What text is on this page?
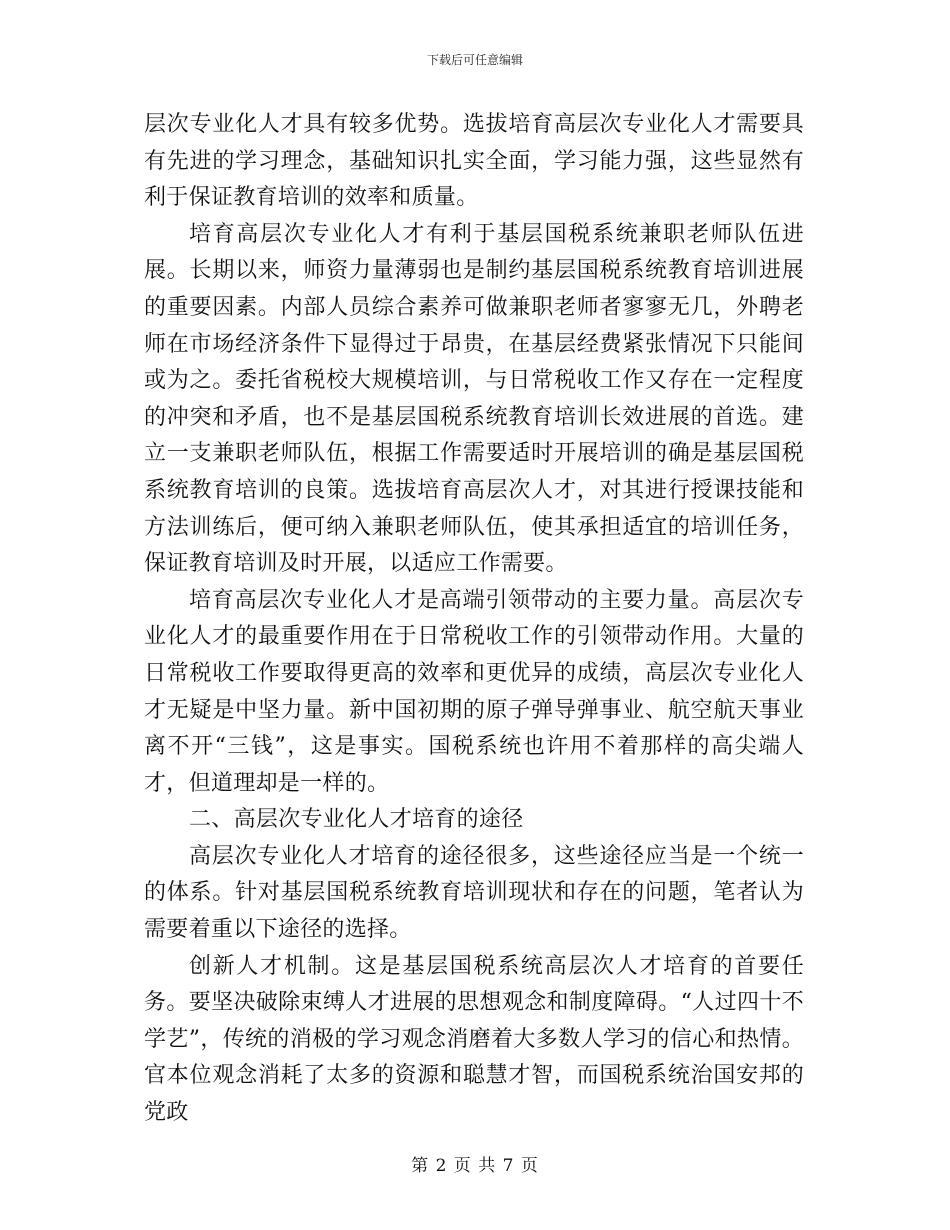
下载后可任意编辑

层次专业化人才具有较多优势。选拔培育高层次专业化人才需要具有先进的学习理念，基础知识扎实全面，学习能力强，这些显然有利于保证教育培训的效率和质量。

培育高层次专业化人才有利于基层国税系统兼职老师队伍进展。长期以来，师资力量薄弱也是制约基层国税系统教育培训进展的重要因素。内部人员综合素养可做兼职老师者寥寥无几，外聘老师在市场经济条件下显得过于昂贵，在基层经费紧张情况下只能间或为之。委托省税校大规模培训，与日常税收工作又存在一定程度的冲突和矛盾，也不是基层国税系统教育培训长效进展的首选。建立一支兼职老师队伍，根据工作需要适时开展培训的确是基层国税系统教育培训的良策。选拔培育高层次人才，对其进行授课技能和方法训练后，便可纳入兼职老师队伍，使其承担适宜的培训任务，保证教育培训及时开展，以适应工作需要。

培育高层次专业化人才是高端引领带动的主要力量。高层次专业化人才的最重要作用在于日常税收工作的引领带动作用。大量的日常税收工作要取得更高的效率和更优异的成绩，高层次专业化人才无疑是中坚力量。新中国初期的原子弹导弹事业、航空航天事业离不开“三钱”，这是事实。国税系统也许用不着那样的高尖端人才，但道理却是一样的。

二、高层次专业化人才培育的途径

高层次专业化人才培育的途径很多，这些途径应当是一个统一的体系。针对基层国税系统教育培训现状和存在的问题，笔者认为需要着重以下途径的选择。

创新人才机制。这是基层国税系统高层次人才培育的首要任务。要坚决破除束缚人才进展的思想观念和制度障碍。“人过四十不学艺”，传统的消极的学习观念消磨着大多数人学习的信心和热情。官本位观念消耗了太多的资源和聪慧才智，而国税系统治国安邦的党政

第 2 页 共 7 页
